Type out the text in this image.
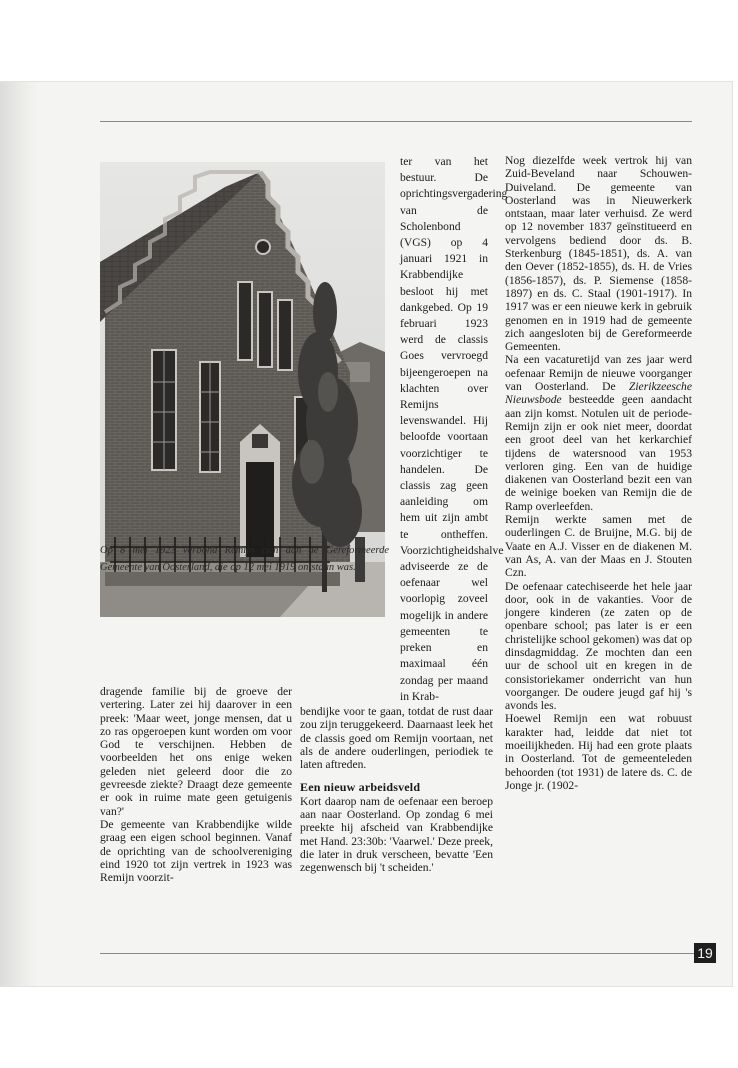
19
Op 8 mei 1923 verbond Remijn zich aan de Gereformeerde Gemeente van Oosterland, die op 12 mei 1919 ontstaan was.

dragende familie bij de groeve der vertering. Later zei hij daarover in een preek: 'Maar weet, jonge mensen, dat u zo ras opgeroepen kunt worden om voor God te verschijnen. Hebben de voorbeelden het ons enige weken geleden niet geleerd door die zo gevreesde ziekte? Draagt deze gemeente er ook in ruime mate geen getuigenis van?'

De gemeente van Krabbendijke wilde graag een eigen school beginnen. Vanaf de oprichting van de schoolvereniging eind 1920 tot zijn vertrek in 1923 was Remijn voorzit-

ter van het bestuur. De oprichtingsvergadering van de Scholenbond (VGS) op 4 januari 1921 in Krabbendijke besloot hij met dankgebed. Op 19 februari 1923 werd de classis Goes vervroegd bijeengeroepen na klachten over Remijns levenswandel. Hij beloofde voortaan voorzichtiger te handelen. De classis zag geen aanleiding om hem uit zijn ambt te ontheffen. Voorzichtigheidshalve adviseerde ze de oefenaar wel voorlopig zoveel mogelijk in andere gemeenten te preken en maximaal één zondag per maand in Krab-

bendijke voor te gaan, totdat de rust daar zou zijn teruggekeerd. Daarnaast leek het de classis goed om Remijn voortaan, net als de andere ouderlingen, periodiek te laten aftreden.

Een nieuw arbeidsveld

Kort daarop nam de oefenaar een beroep aan naar Oosterland. Op zondag 6 mei preekte hij afscheid van Krabbendijke met Hand. 23:30b: 'Vaarwel.' Deze preek, die later in druk verscheen, bevatte 'Een zegenwensch bij 't scheiden.'

Nog diezelfde week vertrok hij van Zuid-Beveland naar Schouwen-Duiveland. De gemeente van Oosterland was in Nieuwerkerk ontstaan, maar later verhuisd. Ze werd op 12 november 1837 geïnstitueerd en vervolgens bediend door ds. B. Sterkenburg (1845-1851), ds. A. van den Oever (1852-1855), ds. H. de Vries (1856-1857), ds. P. Siemense (1858-1897) en ds. C. Staal (1901-1917). In 1917 was er een nieuwe kerk in gebruik genomen en in 1919 had de gemeente zich aangesloten bij de Gereformeerde Gemeenten.

Na een vacaturetijd van zes jaar werd oefenaar Remijn de nieuwe voorganger van Oosterland. De Zierikzeesche Nieuwsbode besteedde geen aandacht aan zijn komst. Notulen uit de periode-Remijn zijn er ook niet meer, doordat een groot deel van het kerkarchief tijdens de watersnood van 1953 verloren ging. Een van de huidige diakenen van Oosterland bezit een van de weinige boeken van Remijn die de Ramp overleefden.

Remijn werkte samen met de ouderlingen C. de Bruijne, M.G. bij de Vaate en A.J. Visser en de diakenen M. van As, A. van der Maas en J. Stouten Czn.

De oefenaar catechiseerde het hele jaar door, ook in de vakanties. Voor de jongere kinderen (ze zaten op de openbare school; pas later is er een christelijke school gekomen) was dat op dinsdagmiddag. Ze mochten dan een uur de school uit en kregen in de consistoriekamer onderricht van hun voorganger. De oudere jeugd gaf hij 's avonds les.

Hoewel Remijn een wat robuust karakter had, leidde dat niet tot moeilijkheden. Hij had een grote plaats in Oosterland. Tot de gemeenteleden behoorden (tot 1931) de latere ds. C. de Jonge jr. (1902-
